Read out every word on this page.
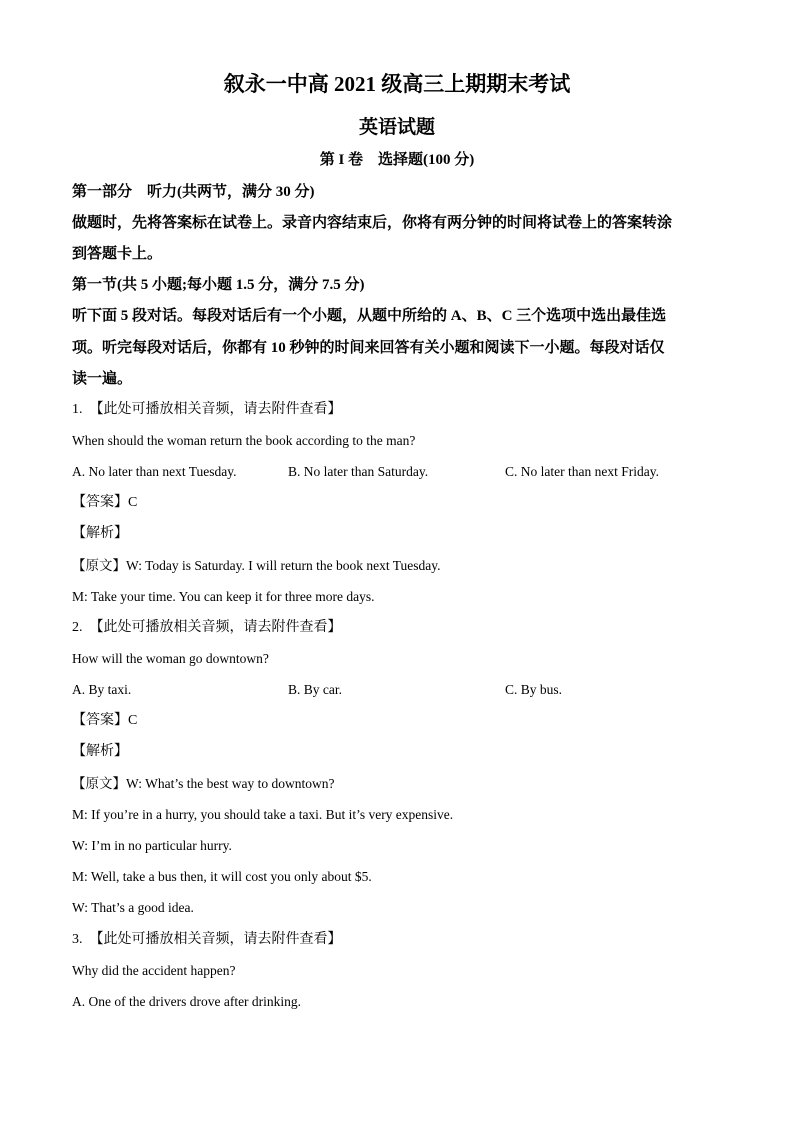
叙永一中高 2021 级高三上期期末考试
英语试题
第 I 卷　选择题(100 分)
第一部分　听力(共两节，满分 30 分)
做题时，先将答案标在试卷上。录音内容结束后，你将有两分钟的时间将试卷上的答案转涂
到答题卡上。
第一节(共 5 小题;每小题 1.5 分，满分 7.5 分)
听下面 5 段对话。每段对话后有一个小题，从题中所给的 A、B、C 三个选项中选出最佳选
项。听完每段对话后，你都有 10 秒钟的时间来回答有关小题和阅读下一小题。每段对话仅
读一遍。
1.　【此处可播放相关音频，请去附件查看】
When should the woman return the book according to the man?
A. No later than next Tuesday.	B. No later than Saturday.	C. No later than next Friday.
【答案】C
【解析】
【原文】W: Today is Saturday. I will return the book next Tuesday.
M: Take your time. You can keep it for three more days.
2.　【此处可播放相关音频，请去附件查看】
How will the woman go downtown?
A. By taxi.	B. By car.	C. By bus.
【答案】C
【解析】
【原文】W: What’s the best way to downtown?
M: If you’re in a hurry, you should take a taxi. But it’s very expensive.
W: I’m in no particular hurry.
M: Well, take a bus then, it will cost you only about $5.
W: That’s a good idea.
3.　【此处可播放相关音频，请去附件查看】
Why did the accident happen?
A. One of the drivers drove after drinking.
